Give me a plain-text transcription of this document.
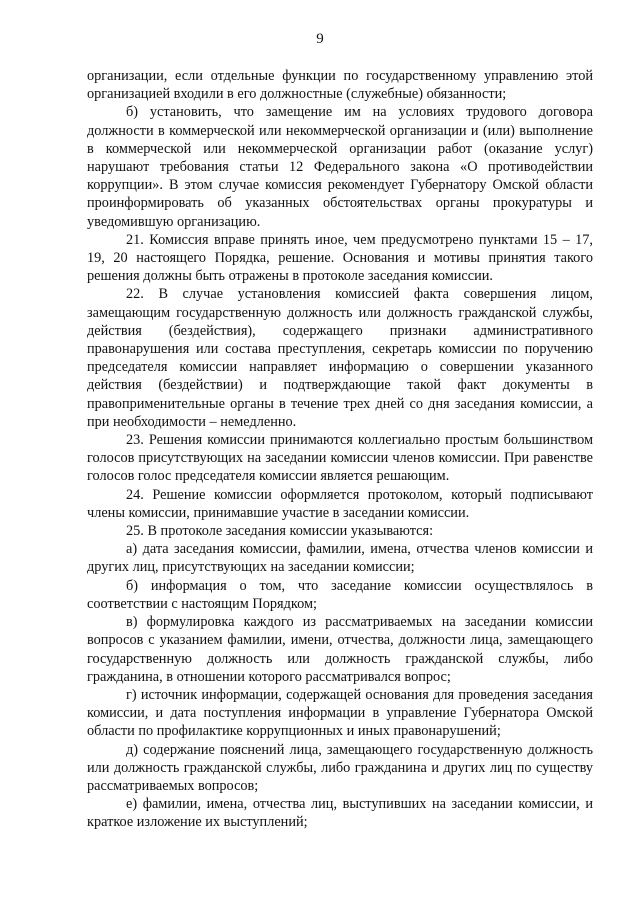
9

организации, если отдельные функции по государственному управлению этой организацией входили в его должностные (служебные) обязанности;

б) установить, что замещение им на условиях трудового договора должности в коммерческой или некоммерческой организации и (или) выполнение в коммерческой или некоммерческой организации работ (оказание услуг) нарушают требования статьи 12 Федерального закона «О противодействии коррупции». В этом случае комиссия рекомендует Губернатору Омской области проинформировать об указанных обстоятельствах органы прокуратуры и уведомившую организацию.

21. Комиссия вправе принять иное, чем предусмотрено пунктами 15 – 17, 19, 20 настоящего Порядка, решение. Основания и мотивы принятия такого решения должны быть отражены в протоколе заседания комиссии.

22. В случае установления комиссией факта совершения лицом, замещающим государственную должность или должность гражданской службы, действия (бездействия), содержащего признаки административного правонарушения или состава преступления, секретарь комиссии по поручению председателя комиссии направляет информацию о совершении указанного действия (бездействии) и подтверждающие такой факт документы в правоприменительные органы в течение трех дней со дня заседания комиссии, а при необходимости – немедленно.

23. Решения комиссии принимаются коллегиально простым большинством голосов присутствующих на заседании комиссии членов комиссии. При равенстве голосов голос председателя комиссии является решающим.

24. Решение комиссии оформляется протоколом, который подписывают члены комиссии, принимавшие участие в заседании комиссии.

25. В протоколе заседания комиссии указываются:

а) дата заседания комиссии, фамилии, имена, отчества членов комиссии и других лиц, присутствующих на заседании комиссии;

б) информация о том, что заседание комиссии осуществлялось в соответствии с настоящим Порядком;

в) формулировка каждого из рассматриваемых на заседании комиссии вопросов с указанием фамилии, имени, отчества, должности лица, замещающего государственную должность или должность гражданской службы, либо гражданина, в отношении которого рассматривался вопрос;

г) источник информации, содержащей основания для проведения заседания комиссии, и дата поступления информации в управление Губернатора Омской области по профилактике коррупционных и иных правонарушений;

д) содержание пояснений лица, замещающего государственную должность или должность гражданской службы, либо гражданина и других лиц по существу рассматриваемых вопросов;

е) фамилии, имена, отчества лиц, выступивших на заседании комиссии, и краткое изложение их выступлений;
